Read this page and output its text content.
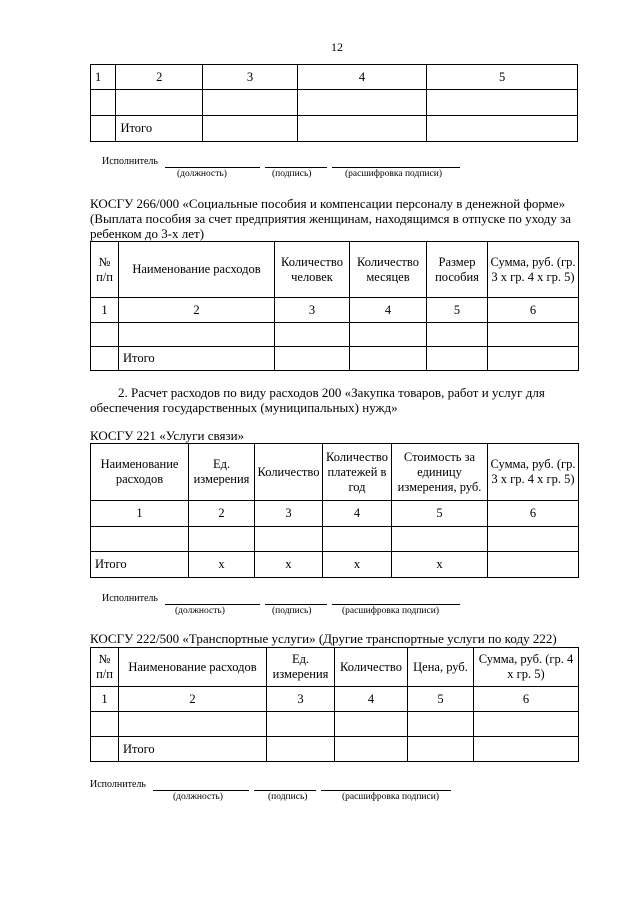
12
1	2	3	4	5

	Итого			
Исполнитель
(должность)	(подпись)	(расшифровка подписи)
КОСГУ 266/000 «Социальные пособия и компенсации персоналу в денежной форме»
(Выплата пособия за счет предприятия женщинам, находящимся в отпуске по уходу за
ребенком до 3-х лет)
№ п/п	Наименование расходов	Количество человек	Количество месяцев	Размер пособия	Сумма, руб. (гр. 3 х гр. 4 х гр. 5)
1	2	3	4	5	6

	Итого				
2. Расчет расходов по виду расходов 200 «Закупка товаров, работ и услуг для
обеспечения государственных (муниципальных) нужд»
КОСГУ 221 «Услуги связи»
Наименование расходов	Ед. измерения	Количество	Количество платежей в год	Стоимость за единицу измерения, руб.	Сумма, руб. (гр. 3 х гр. 4 х гр. 5)
1	2	3	4	5	6

Итого	х	х	х	х	
Исполнитель
(должность)	(подпись)	(расшифровка подписи)
КОСГУ 222/500 «Транспортные услуги» (Другие транспортные услуги по коду 222)
№ п/п	Наименование расходов	Ед. измерения	Количество	Цена, руб.	Сумма, руб. (гр. 4 х гр. 5)
1	2	3	4	5	6

	Итого				
Исполнитель
(должность)	(подпись)	(расшифровка подписи)
